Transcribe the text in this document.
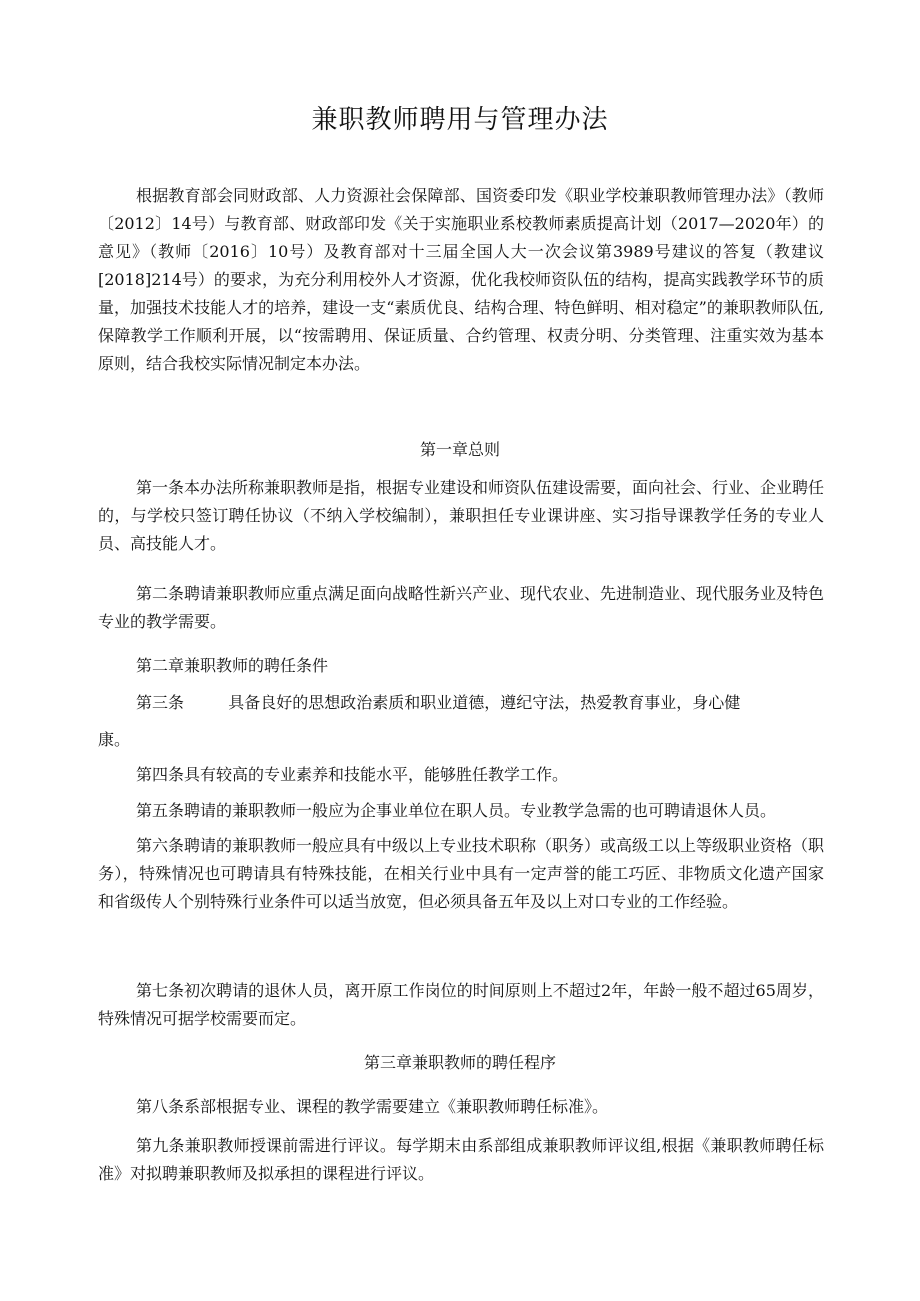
兼职教师聘用与管理办法

根据教育部会同财政部、人力资源社会保障部、国资委印发《职业学校兼职教师管理办法》（教师〔2012〕14号）与教育部、财政部印发《关于实施职业系校教师素质提高计划（2017—2020年）的意见》（教师〔2016〕10号）及教育部对十三届全国人大一次会议第3989号建议的答复（教建议[2018]214号）的要求，为充分利用校外人才资源，优化我校师资队伍的结构，提高实践教学环节的质量，加强技术技能人才的培养，建设一支“素质优良、结构合理、特色鲜明、相对稳定”的兼职教师队伍,保障教学工作顺利开展，以“按需聘用、保证质量、合约管理、权责分明、分类管理、注重实效为基本原则，结合我校实际情况制定本办法。

第一章总则

第一条本办法所称兼职教师是指，根据专业建设和师资队伍建设需要，面向社会、行业、企业聘任的，与学校只签订聘任协议（不纳入学校编制），兼职担任专业课讲座、实习指导课教学任务的专业人员、高技能人才。

第二条聘请兼职教师应重点满足面向战略性新兴产业、现代农业、先进制造业、现代服务业及特色专业的教学需要。

第二章兼职教师的聘任条件

第三条	具备良好的思想政治素质和职业道德，遵纪守法，热爱教育事业，身心健

康。

第四条具有较高的专业素养和技能水平，能够胜任教学工作。

第五条聘请的兼职教师一般应为企事业单位在职人员。专业教学急需的也可聘请退休人员。

第六条聘请的兼职教师一般应具有中级以上专业技术职称（职务）或高级工以上等级职业资格（职务），特殊情况也可聘请具有特殊技能，在相关行业中具有一定声誉的能工巧匠、非物质文化遗产国家和省级传人个别特殊行业条件可以适当放宽，但必须具备五年及以上对口专业的工作经验。

第七条初次聘请的退休人员，离开原工作岗位的时间原则上不超过2年，年龄一般不超过65周岁，特殊情况可据学校需要而定。

第三章兼职教师的聘任程序

第八条系部根据专业、课程的教学需要建立《兼职教师聘任标准》。

第九条兼职教师授课前需进行评议。每学期末由系部组成兼职教师评议组,根据《兼职教师聘任标准》对拟聘兼职教师及拟承担的课程进行评议。
